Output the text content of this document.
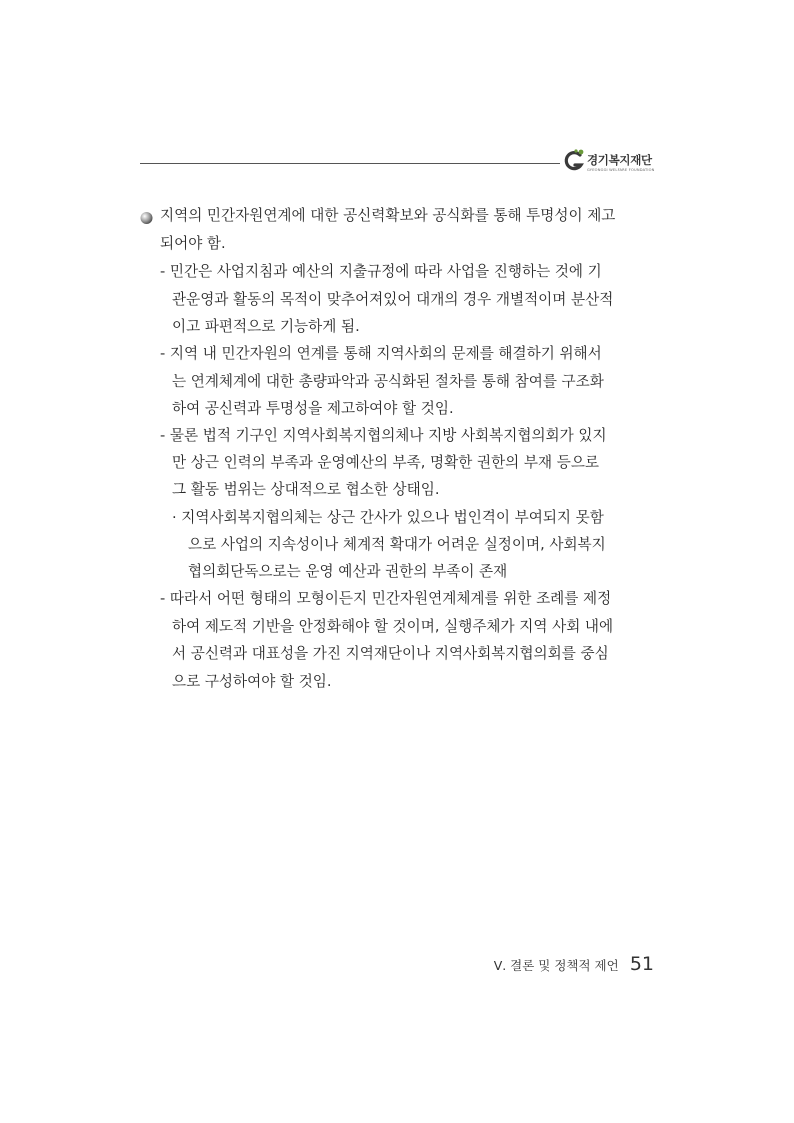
경기복지재단
GYEONGGI WELFARE FOUNDATION
지역의 민간자원연계에 대한 공신력확보와 공식화를 통해 투명성이 제고
되어야 함.
- 민간은 사업지침과 예산의 지출규정에 따라 사업을 진행하는 것에 기
관운영과 활동의 목적이 맞추어져있어 대개의 경우 개별적이며 분산적
이고 파편적으로 기능하게 됨.
- 지역 내 민간자원의 연계를 통해 지역사회의 문제를 해결하기 위해서
는 연계체계에 대한 총량파악과 공식화된 절차를 통해 참여를 구조화
하여 공신력과 투명성을 제고하여야 할 것임.
- 물론 법적 기구인 지역사회복지협의체나 지방 사회복지협의회가 있지
만 상근 인력의 부족과 운영예산의 부족, 명확한 권한의 부재 등으로
그 활동 범위는 상대적으로 협소한 상태임.
· 지역사회복지협의체는 상근 간사가 있으나 법인격이 부여되지 못함
으로 사업의 지속성이나 체계적 확대가 어려운 실정이며, 사회복지
협의회단독으로는 운영 예산과 권한의 부족이 존재
- 따라서 어떤 형태의 모형이든지 민간자원연계체계를 위한 조례를 제정
하여 제도적 기반을 안정화해야 할 것이며, 실행주체가 지역 사회 내에
서 공신력과 대표성을 가진 지역재단이나 지역사회복지협의회를 중심
으로 구성하여야 할 것임.
Ⅴ. 결론 및 정책적 제언 51
